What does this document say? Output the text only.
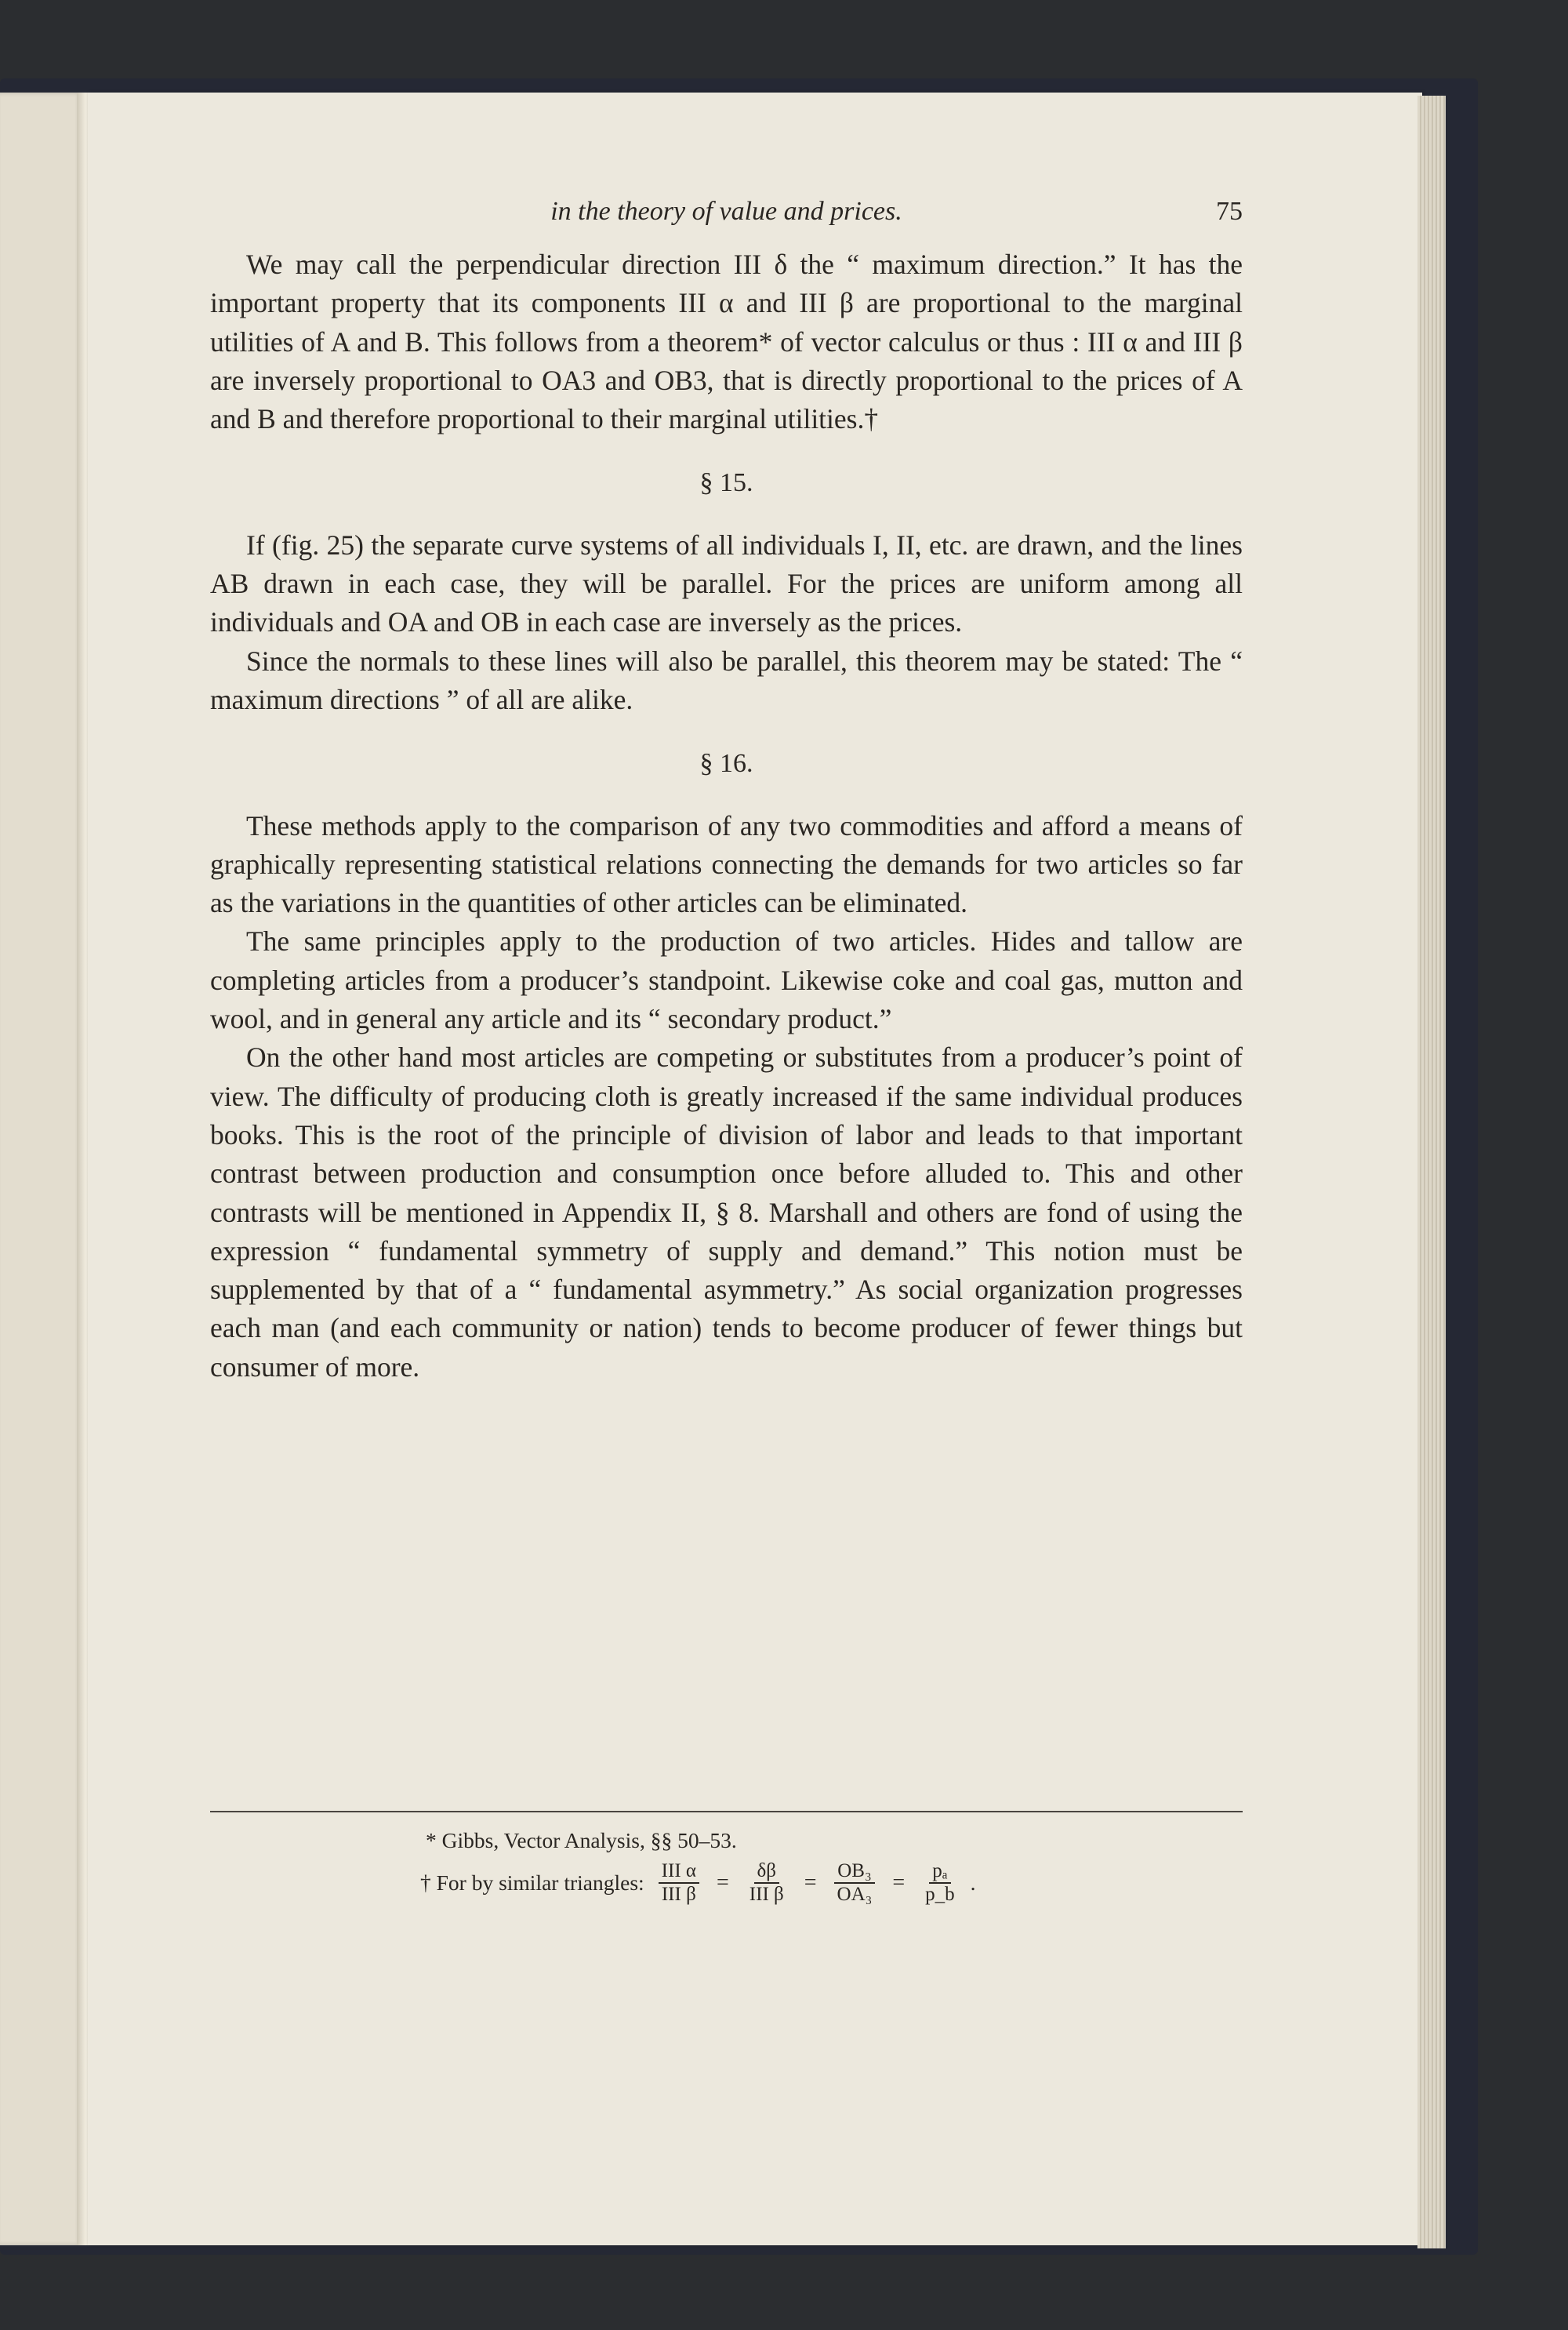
in the theory of value and prices.	75

We may call the perpendicular direction III δ the “ maximum direction.” It has the important property that its components III α and III β are proportional to the marginal utilities of A and B. This follows from a theorem* of vector calculus or thus : III α and III β are inversely proportional to OA3 and OB3, that is directly proportional to the prices of A and B and therefore proportional to their marginal utilities.†

§ 15.

If (fig. 25) the separate curve systems of all individuals I, II, etc. are drawn, and the lines AB drawn in each case, they will be parallel. For the prices are uniform among all individuals and OA and OB in each case are inversely as the prices.

Since the normals to these lines will also be parallel, this theorem may be stated: The “ maximum directions ” of all are alike.

§ 16.

These methods apply to the comparison of any two commodities and afford a means of graphically representing statistical relations connecting the demands for two articles so far as the variations in the quantities of other articles can be eliminated.

The same principles apply to the production of two articles. Hides and tallow are completing articles from a producer’s standpoint. Likewise coke and coal gas, mutton and wool, and in general any article and its “ secondary product.”

On the other hand most articles are competing or substitutes from a producer’s point of view. The difficulty of producing cloth is greatly increased if the same individual produces books. This is the root of the principle of division of labor and leads to that important contrast between production and consumption once before alluded to. This and other contrasts will be mentioned in Appendix II, § 8. Marshall and others are fond of using the expression “ fundamental symmetry of supply and demand.” This notion must be supplemented by that of a “ fundamental asymmetry.” As social organization progresses each man (and each community or nation) tends to become producer of fewer things but consumer of more.

* Gibbs, Vector Analysis, §§ 50–53.
† For by similar triangles: $\frac{\text{III α}}{\text{III β}} = \frac{\delta\beta}{\text{III β}} = \frac{\text{OB₃}}{\text{OA₃}} = \frac{\text{pₐ}}{p\_b}$ .
